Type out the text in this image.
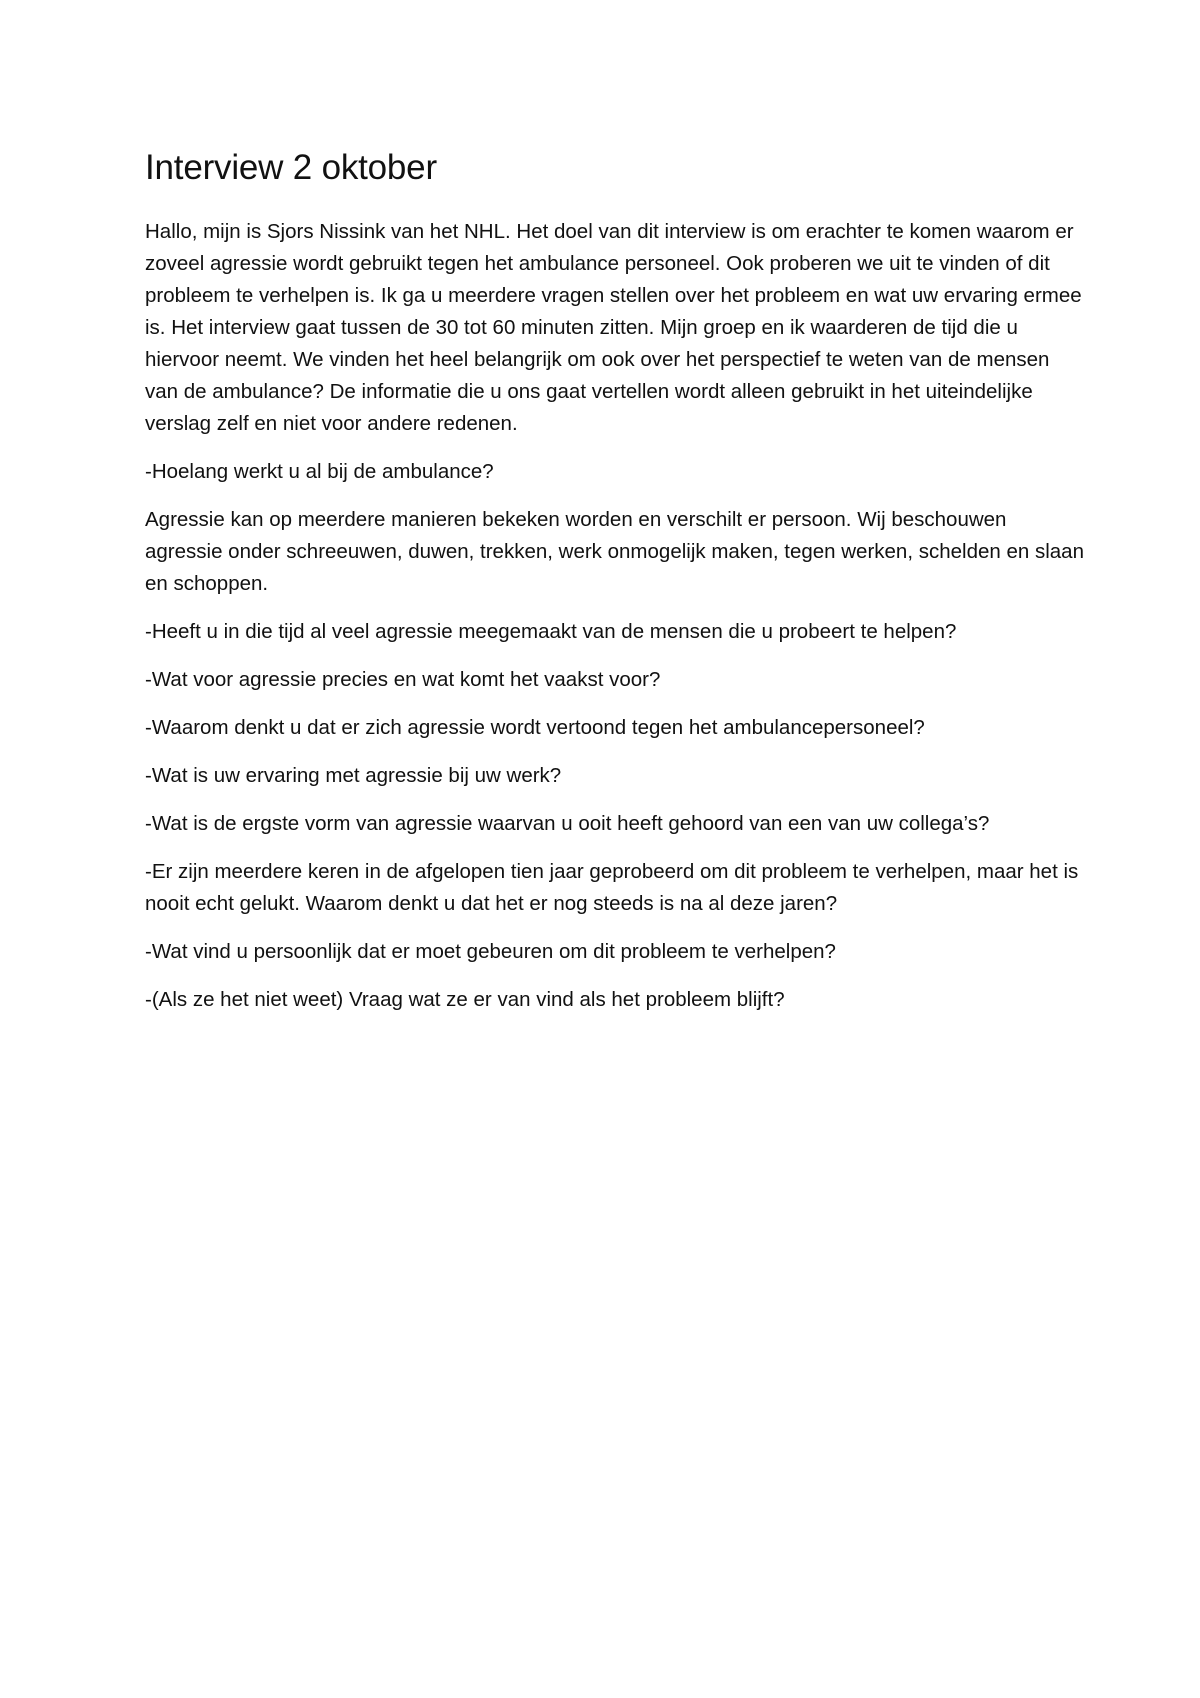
Interview 2 oktober

Hallo, mijn is Sjors Nissink van het NHL. Het doel van dit interview is om erachter te komen waarom er zoveel agressie wordt gebruikt tegen het ambulance personeel. Ook proberen we uit te vinden of dit probleem te verhelpen is. Ik ga u meerdere vragen stellen over het probleem en wat uw ervaring ermee is. Het interview gaat tussen de 30 tot 60 minuten zitten. Mijn groep en ik waarderen de tijd die u hiervoor neemt. We vinden het heel belangrijk om ook over het perspectief te weten van de mensen van de ambulance? De informatie die u ons gaat vertellen wordt alleen gebruikt in het uiteindelijke verslag zelf en niet voor andere redenen.

-Hoelang werkt u al bij de ambulance?

Agressie kan op meerdere manieren bekeken worden en verschilt er persoon. Wij beschouwen agressie onder schreeuwen, duwen, trekken, werk onmogelijk maken, tegen werken, schelden en slaan en schoppen.

-Heeft u in die tijd al veel agressie meegemaakt van de mensen die u probeert te helpen?

-Wat voor agressie precies en wat komt het vaakst voor?

-Waarom denkt u dat er zich agressie wordt vertoond tegen het ambulancepersoneel?

-Wat is uw ervaring met agressie bij uw werk?

-Wat is de ergste vorm van agressie waarvan u ooit heeft gehoord van een van uw collega’s?

-Er zijn meerdere keren in de afgelopen tien jaar geprobeerd om dit probleem te verhelpen, maar het is nooit echt gelukt. Waarom denkt u dat het er nog steeds is na al deze jaren?

-Wat vind u persoonlijk dat er moet gebeuren om dit probleem te verhelpen?

-(Als ze het niet weet) Vraag wat ze er van vind als het probleem blijft?
